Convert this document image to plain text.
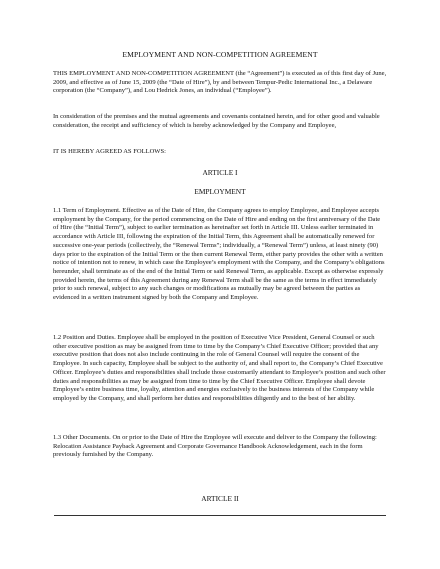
EMPLOYMENT AND NON-COMPETITION AGREEMENT
THIS EMPLOYMENT AND NON-COMPETITION AGREEMENT (the “Agreement”) is executed as of this first day of June, 2009, and effective as of June 15, 2009 (the “Date of Hire”), by and between Tempur-Pedic International Inc., a Delaware corporation (the “Company”), and Lou Hedrick Jones, an individual (“Employee”).
In consideration of the premises and the mutual agreements and covenants contained herein, and for other good and valuable consideration, the receipt and sufficiency of which is hereby acknowledged by the Company and Employee,
IT IS HEREBY AGREED AS FOLLOWS:
ARTICLE I
EMPLOYMENT
1.1 Term of Employment. Effective as of the Date of Hire, the Company agrees to employ Employee, and Employee accepts employment by the Company, for the period commencing on the Date of Hire and ending on the first anniversary of the Date of Hire (the “Initial Term”), subject to earlier termination as hereinafter set forth in Article III. Unless earlier terminated in accordance with Article III, following the expiration of the Initial Term, this Agreement shall be automatically renewed for successive one-year periods (collectively, the “Renewal Terms”; individually, a “Renewal Term”) unless, at least ninety (90) days prior to the expiration of the Initial Term or the then current Renewal Term, either party provides the other with a written notice of intention not to renew, in which case the Employee’s employment with the Company, and the Company’s obligations hereunder, shall terminate as of the end of the Initial Term or said Renewal Term, as applicable. Except as otherwise expressly provided herein, the terms of this Agreement during any Renewal Term shall be the same as the terms in effect immediately prior to such renewal, subject to any such changes or modifications as mutually may be agreed between the parties as evidenced in a written instrument signed by both the Company and Employee.
1.2 Position and Duties. Employee shall be employed in the position of Executive Vice President, General Counsel or such other executive position as may be assigned from time to time by the Company’s Chief Executive Officer; provided that any executive position that does not also include continuing in the role of General Counsel will require the consent of the Employee. In such capacity, Employee shall be subject to the authority of, and shall report to, the Company’s Chief Executive Officer. Employee’s duties and responsibilities shall include those customarily attendant to Employee’s position and such other duties and responsibilities as may be assigned from time to time by the Chief Executive Officer. Employee shall devote Employee’s entire business time, loyalty, attention and energies exclusively to the business interests of the Company while employed by the Company, and shall perform her duties and responsibilities diligently and to the best of her ability.
1.3 Other Documents. On or prior to the Date of Hire the Employee will execute and deliver to the Company the following: Relocation Assistance Payback Agreement and Corporate Governance Handbook Acknowledgement, each in the form previously furnished by the Company.
ARTICLE II
